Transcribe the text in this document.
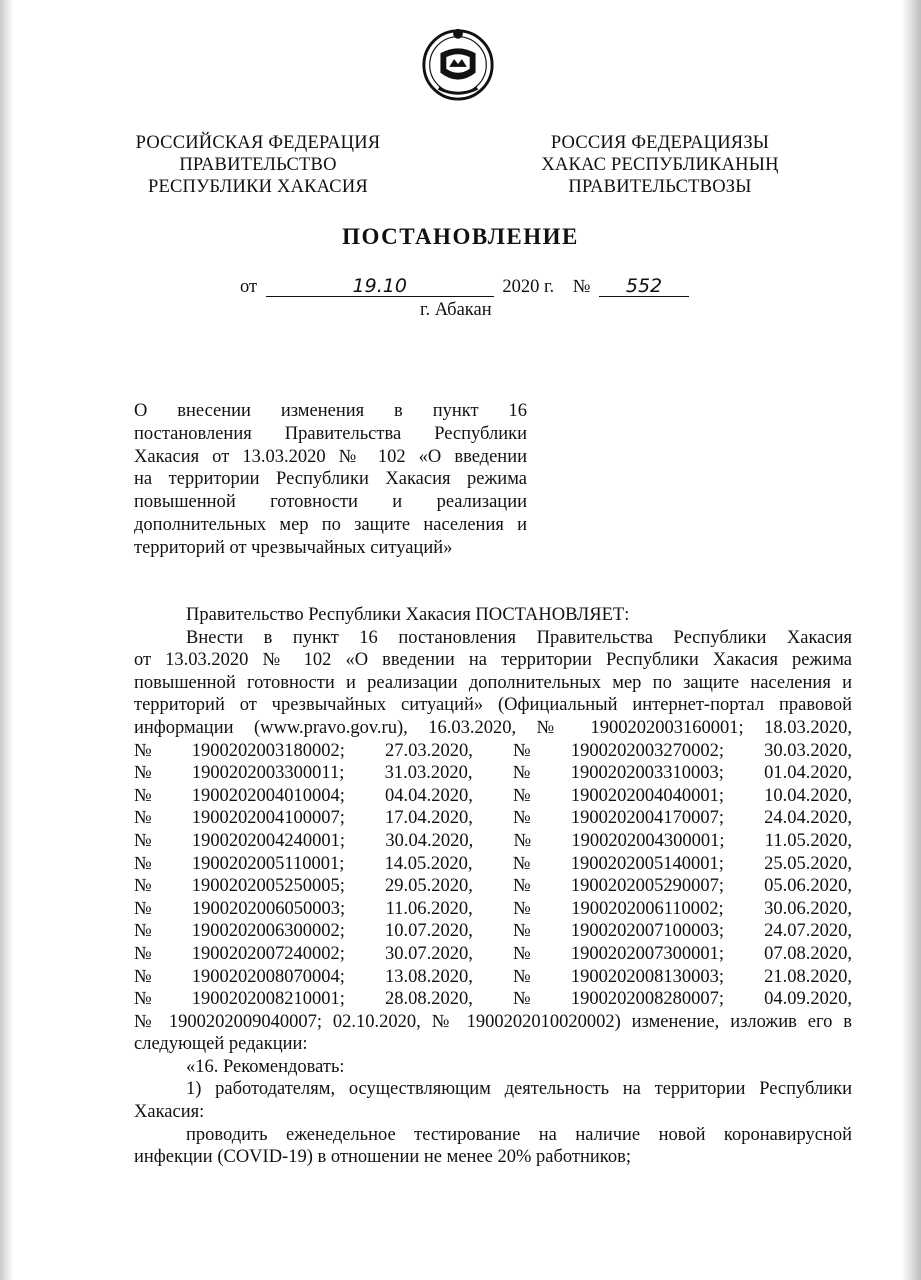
РОССИЙСКАЯ ФЕДЕРАЦИЯ
ПРАВИТЕЛЬСТВО
РЕСПУБЛИКИ ХАКАСИЯ
РОССИЯ ФЕДЕРАЦИЯЗЫ
ХАКАС РЕСПУБЛИКАНЫҢ
ПРАВИТЕЛЬСТВОЗЫ
ПОСТАНОВЛЕНИЕ
от	19.10	2020 г. № 552
г. Абакан
О внесении изменения в пункт 16
постановления Правительства Республики
Хакасия от 13.03.2020 № 102 «О введении
на территории Республики Хакасия режима
повышенной готовности и реализации
дополнительных мер по защите населения и
территорий от чрезвычайных ситуаций»
Правительство Республики Хакасия ПОСТАНОВЛЯЕТ:
Внести в пункт 16 постановления Правительства Республики Хакасия
от 13.03.2020 № 102 «О введении на территории Республики Хакасия режима
повышенной готовности и реализации дополнительных мер по защите населения и
территорий от чрезвычайных ситуаций» (Официальный интернет-портал правовой
информации (www.pravo.gov.ru), 16.03.2020, № 1900202003160001; 18.03.2020,
№ 1900202003180002; 27.03.2020, № 1900202003270002; 30.03.2020,
№ 1900202003300011; 31.03.2020, № 1900202003310003; 01.04.2020,
№ 1900202004010004; 04.04.2020, № 1900202004040001; 10.04.2020,
№ 1900202004100007; 17.04.2020, № 1900202004170007; 24.04.2020,
№ 1900202004240001; 30.04.2020, № 1900202004300001; 11.05.2020,
№ 1900202005110001; 14.05.2020, № 1900202005140001; 25.05.2020,
№ 1900202005250005; 29.05.2020, № 1900202005290007; 05.06.2020,
№ 1900202006050003; 11.06.2020, № 1900202006110002; 30.06.2020,
№ 1900202006300002; 10.07.2020, № 1900202007100003; 24.07.2020,
№ 1900202007240002; 30.07.2020, № 1900202007300001; 07.08.2020,
№ 1900202008070004; 13.08.2020, № 1900202008130003; 21.08.2020,
№ 1900202008210001; 28.08.2020, № 1900202008280007; 04.09.2020,
№ 1900202009040007; 02.10.2020, № 1900202010020002) изменение, изложив его в
следующей редакции:
«16. Рекомендовать:
1) работодателям, осуществляющим деятельность на территории Республики
Хакасия:
проводить еженедельное тестирование на наличие новой коронавирусной
инфекции (COVID-19) в отношении не менее 20% работников;
